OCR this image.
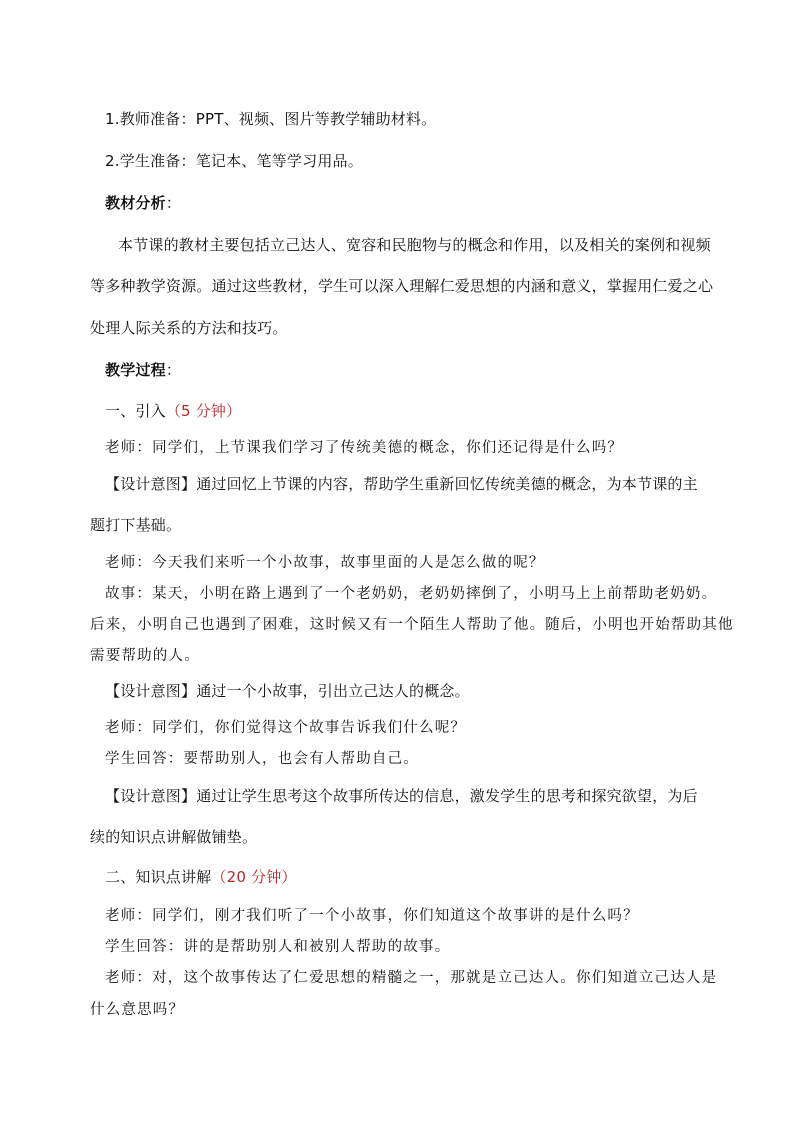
1.教师准备：PPT、视频、图片等教学辅助材料。
2.学生准备：笔记本、笔等学习用品。
教材分析：
本节课的教材主要包括立己达人、宽容和民胞物与的概念和作用，以及相关的案例和视频
等多种教学资源。通过这些教材，学生可以深入理解仁爱思想的内涵和意义，掌握用仁爱之心
处理人际关系的方法和技巧。
教学过程：
一、引入（5 分钟）
老师：同学们，上节课我们学习了传统美德的概念，你们还记得是什么吗？
【设计意图】通过回忆上节课的内容，帮助学生重新回忆传统美德的概念，为本节课的主
题打下基础。
老师：今天我们来听一个小故事，故事里面的人是怎么做的呢？
故事：某天，小明在路上遇到了一个老奶奶，老奶奶摔倒了，小明马上上前帮助老奶奶。
后来，小明自己也遇到了困难，这时候又有一个陌生人帮助了他。随后，小明也开始帮助其他
需要帮助的人。
【设计意图】通过一个小故事，引出立己达人的概念。
老师：同学们，你们觉得这个故事告诉我们什么呢？
学生回答：要帮助别人，也会有人帮助自己。
【设计意图】通过让学生思考这个故事所传达的信息，激发学生的思考和探究欲望，为后
续的知识点讲解做铺垫。
二、知识点讲解（20 分钟）
老师：同学们，刚才我们听了一个小故事，你们知道这个故事讲的是什么吗？
学生回答：讲的是帮助别人和被别人帮助的故事。
老师：对，这个故事传达了仁爱思想的精髓之一，那就是立己达人。你们知道立己达人是
什么意思吗？
